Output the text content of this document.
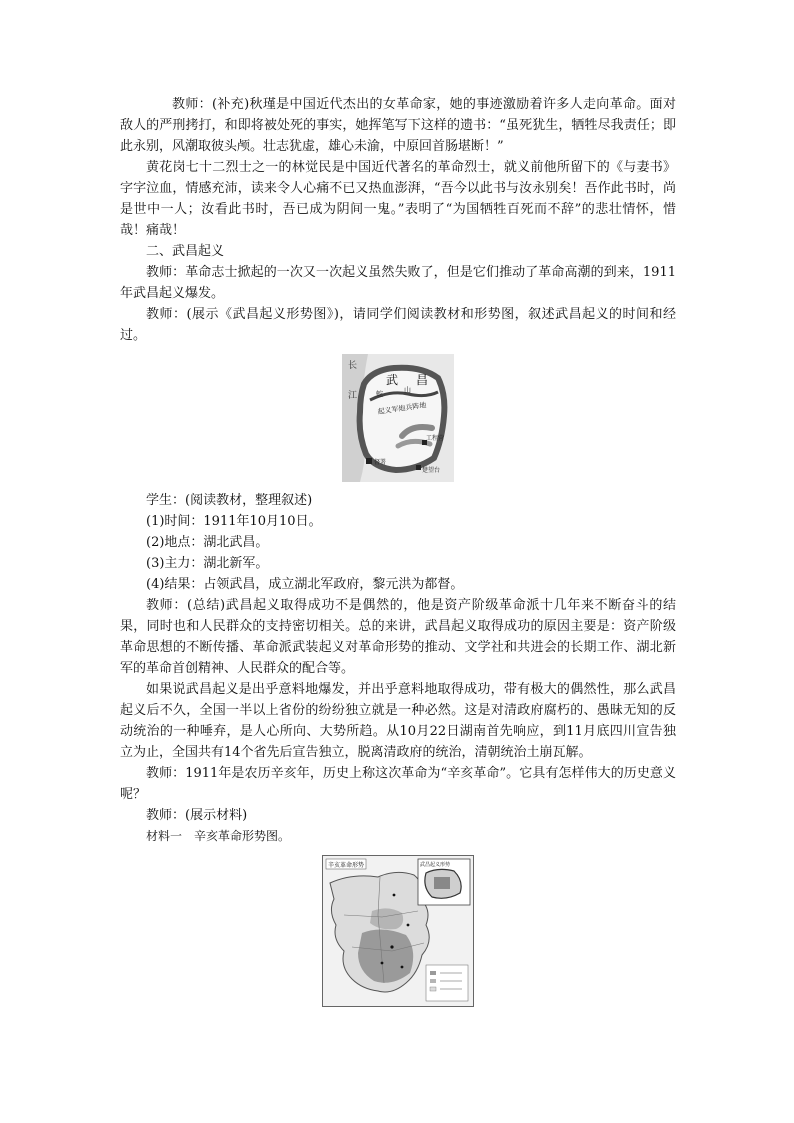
教师：(补充)秋瑾是中国近代杰出的女革命家，她的事迹激励着许多人走向革命。面对敌人的严刑拷打，和即将被处死的事实，她挥笔写下这样的遗书：“虽死犹生，牺牲尽我责任；即此永别，风潮取彼头颅。壮志犹虚，雄心未渝，中原回首肠堪断！”

黄花岗七十二烈士之一的林觉民是中国近代著名的革命烈士，就义前他所留下的《与妻书》字字泣血，情感充沛，读来令人心痛不已又热血澎湃，“吾今以此书与汝永别矣！吾作此书时，尚是世中一人；汝看此书时，吾已成为阴间一鬼。”表明了“为国牺牲百死而不辞”的悲壮情怀，惜哉！痛哉！

二、武昌起义

教师：革命志士掀起的一次又一次起义虽然失败了，但是它们推动了革命高潮的到来，1911年武昌起义爆发。

教师：(展示《武昌起义形势图》)，请同学们阅读教材和形势图，叙述武昌起义的时间和经过。

长
江
武 昌
蛇	山
起义军炮兵阵地
工程营
督署
楚望台

学生：(阅读教材，整理叙述)

(1)时间：1911年10月10日。

(2)地点：湖北武昌。

(3)主力：湖北新军。

(4)结果：占领武昌，成立湖北军政府，黎元洪为都督。

教师：(总结)武昌起义取得成功不是偶然的，他是资产阶级革命派十几年来不断奋斗的结果，同时也和人民群众的支持密切相关。总的来讲，武昌起义取得成功的原因主要是：资产阶级革命思想的不断传播、革命派武装起义对革命形势的推动、文学社和共进会的长期工作、湖北新军的革命首创精神、人民群众的配合等。

如果说武昌起义是出乎意料地爆发，并出乎意料地取得成功，带有极大的偶然性，那么武昌起义后不久，全国一半以上省份的纷纷独立就是一种必然。这是对清政府腐朽的、愚昧无知的反动统治的一种唾弃，是人心所向、大势所趋。从10月22日湖南首先响应，到11月底四川宣告独立为止，全国共有14个省先后宣告独立，脱离清政府的统治，清朝统治土崩瓦解。

教师：1911年是农历辛亥年，历史上称这次革命为“辛亥革命”。它具有怎样伟大的历史意义呢？

教师：(展示材料)

材料一　辛亥革命形势图。

辛亥革命形势	武昌起义形势
